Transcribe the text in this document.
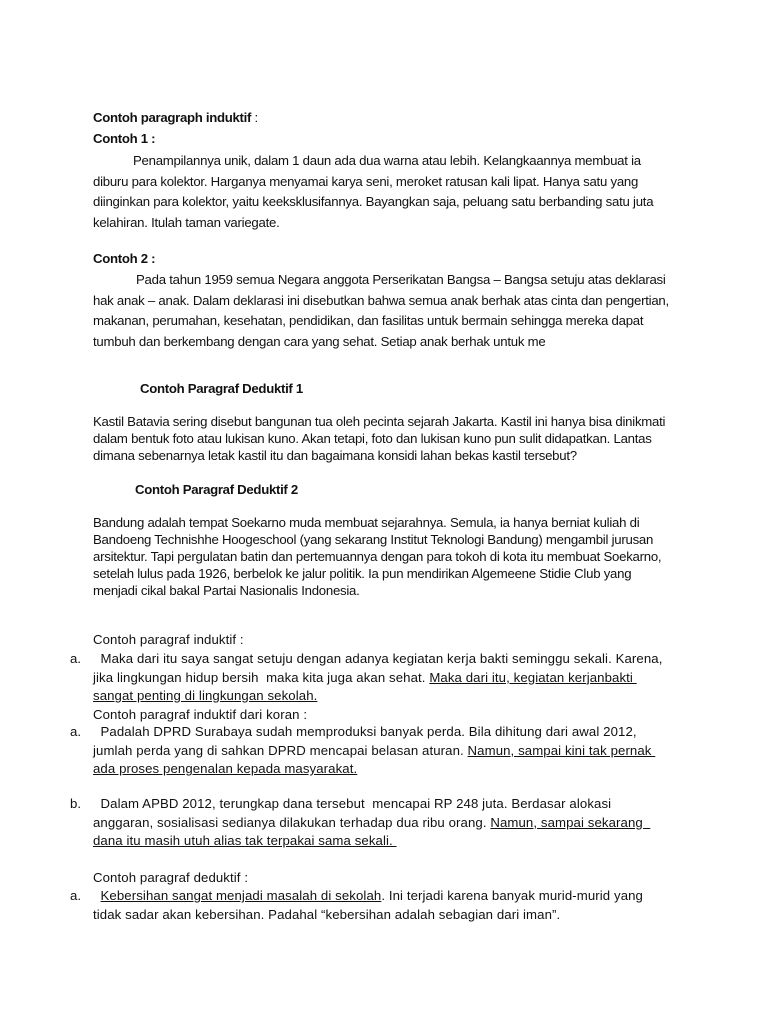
Contoh paragraph induktif :
Contoh 1 :
Penampilannya unik, dalam 1 daun ada dua warna atau lebih. Kelangkaannya membuat ia
diburu para kolektor. Harganya menyamai karya seni, meroket ratusan kali lipat. Hanya satu yang
diinginkan para kolektor, yaitu keeksklusifannya. Bayangkan saja, peluang satu berbanding satu juta
kelahiran. Itulah taman variegate.
Contoh 2 :
Pada tahun 1959 semua Negara anggota Perserikatan Bangsa – Bangsa setuju atas deklarasi
hak anak – anak. Dalam deklarasi ini disebutkan bahwa semua anak berhak atas cinta dan pengertian,
makanan, perumahan, kesehatan, pendidikan, dan fasilitas untuk bermain sehingga mereka dapat
tumbuh dan berkembang dengan cara yang sehat. Setiap anak berhak untuk me
Contoh Paragraf Deduktif 1
Kastil Batavia sering disebut bangunan tua oleh pecinta sejarah Jakarta. Kastil ini hanya bisa dinikmati
dalam bentuk foto atau lukisan kuno. Akan tetapi, foto dan lukisan kuno pun sulit didapatkan. Lantas
dimana sebenarnya letak kastil itu dan bagaimana konsidi lahan bekas kastil tersebut?
Contoh Paragraf Deduktif 2
Bandung adalah tempat Soekarno muda membuat sejarahnya. Semula, ia hanya berniat kuliah di
Bandoeng Technishhe Hoogeschool (yang sekarang Institut Teknologi Bandung) mengambil jurusan
arsitektur. Tapi pergulatan batin dan pertemuannya dengan para tokoh di kota itu membuat Soekarno,
setelah lulus pada 1926, berbelok ke jalur politik. Ia pun mendirikan Algemeene Stidie Club yang
menjadi cikal bakal Partai Nasionalis Indonesia.
Contoh paragraf induktif :
a. Maka dari itu saya sangat setuju dengan adanya kegiatan kerja bakti seminggu sekali. Karena,
jika lingkungan hidup bersih  maka kita juga akan sehat. Maka dari itu, kegiatan kerjanbakti
sangat penting di lingkungan sekolah.
Contoh paragraf induktif dari koran :
a. Padalah DPRD Surabaya sudah memproduksi banyak perda. Bila dihitung dari awal 2012,
jumlah perda yang di sahkan DPRD mencapai belasan aturan. Namun, sampai kini tak pernak
ada proses pengenalan kepada masyarakat.
b. Dalam APBD 2012, terungkap dana tersebut  mencapai RP 248 juta. Berdasar alokasi
anggaran, sosialisasi sedianya dilakukan terhadap dua ribu orang. Namun, sampai sekarang
dana itu masih utuh alias tak terpakai sama sekali.
Contoh paragraf deduktif :
a.	Kebersihan sangat menjadi masalah di sekolah. Ini terjadi karena banyak murid-murid yang
tidak sadar akan kebersihan. Padahal “kebersihan adalah sebagian dari iman”.
